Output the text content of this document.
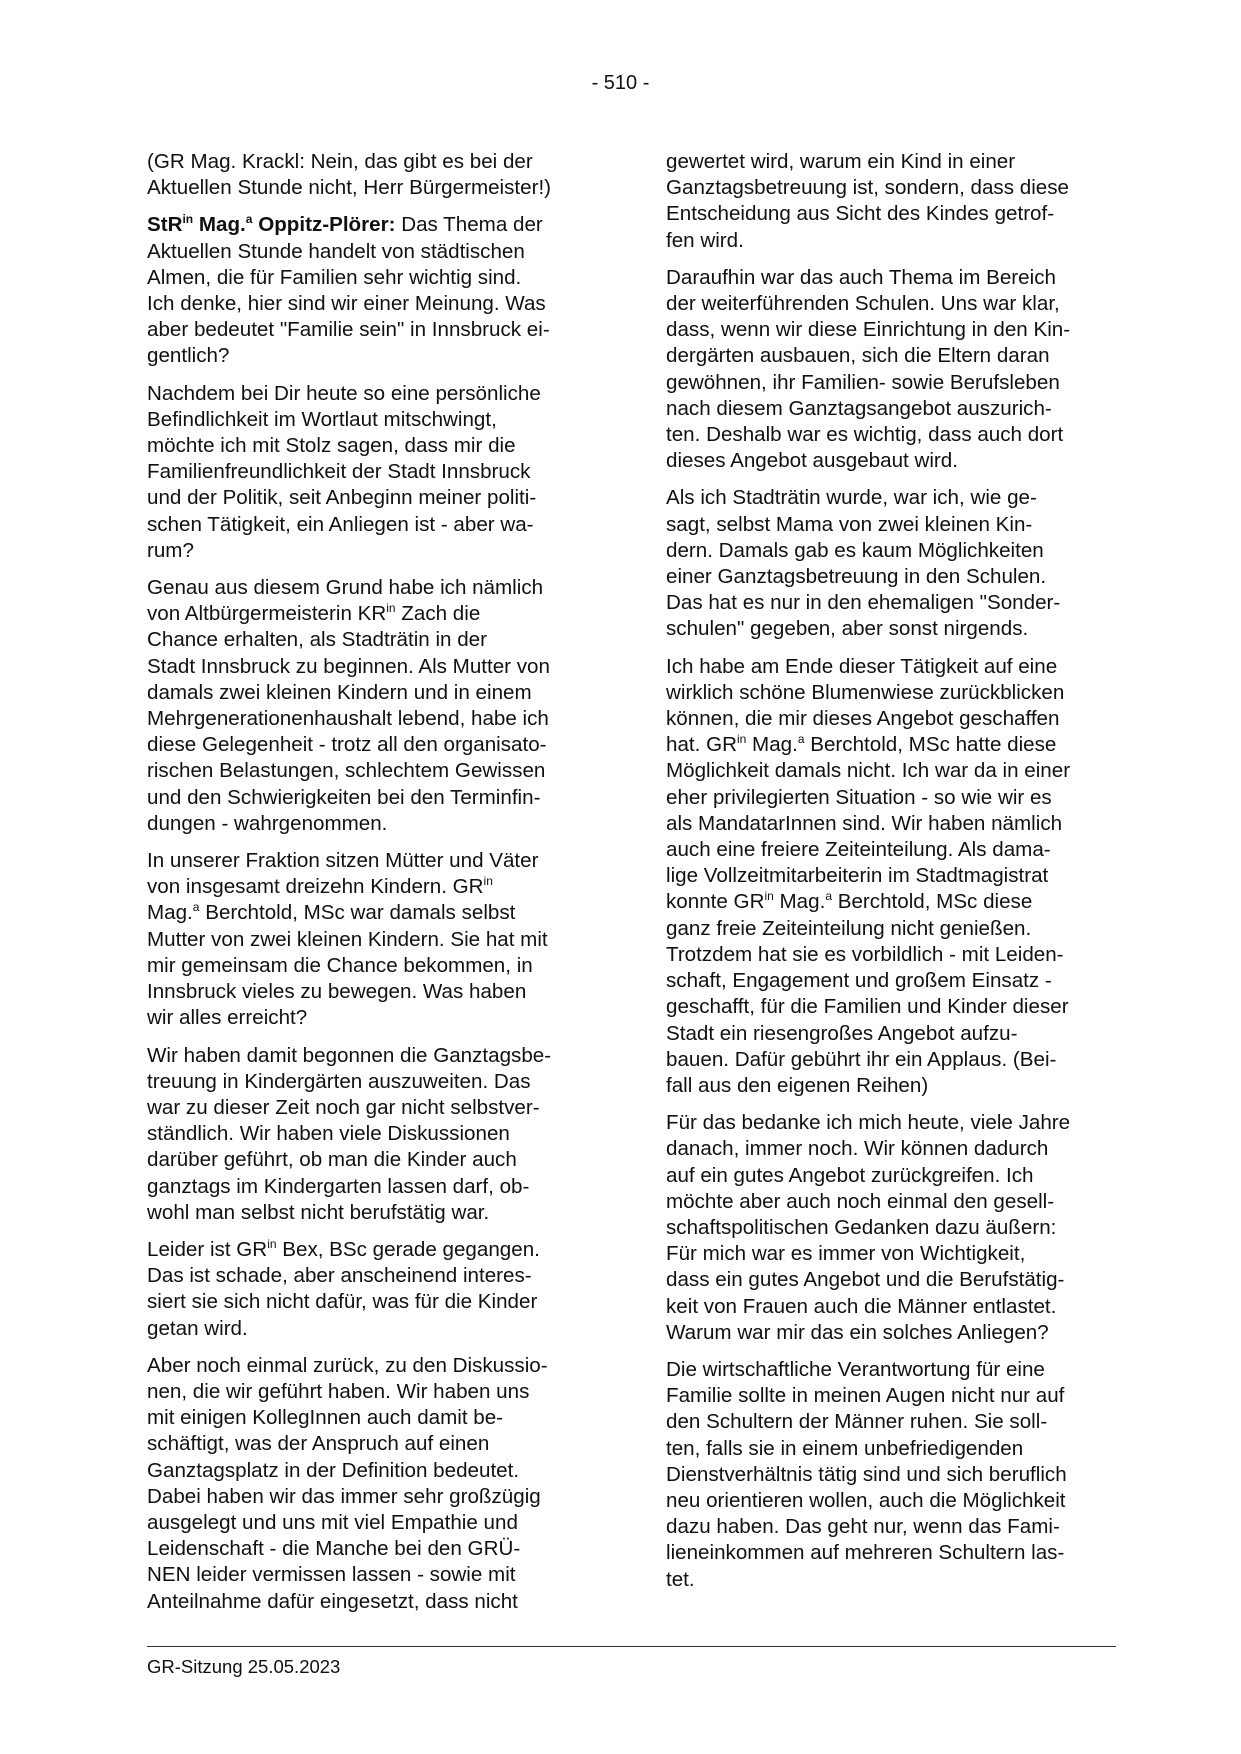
- 510 -

(GR Mag. Krackl: Nein, das gibt es bei der
Aktuellen Stunde nicht, Herr Bürgermeister!)

StR$^{in}$ Mag.$^a$ Oppitz-Plörer: Das Thema der
Aktuellen Stunde handelt von städtischen
Almen, die für Familien sehr wichtig sind.
Ich denke, hier sind wir einer Meinung. Was
aber bedeutet "Familie sein" in Innsbruck ei-
gentlich?

Nachdem bei Dir heute so eine persönliche
Befindlichkeit im Wortlaut mitschwingt,
möchte ich mit Stolz sagen, dass mir die
Familienfreundlichkeit der Stadt Innsbruck
und der Politik, seit Anbeginn meiner politi-
schen Tätigkeit, ein Anliegen ist - aber wa-
rum?

Genau aus diesem Grund habe ich nämlich
von Altbürgermeisterin $KR^{in}$ Zach die
Chance erhalten, als Stadträtin in der
Stadt Innsbruck zu beginnen. Als Mutter von
damals zwei kleinen Kindern und in einem
Mehrgenerationenhaushalt lebend, habe ich
diese Gelegenheit - trotz all den organisato-
rischen Belastungen, schlechtem Gewissen
und den Schwierigkeiten bei den Terminfin-
dungen - wahrgenommen.

In unserer Fraktion sitzen Mütter und Väter
von insgesamt dreizehn Kindern. $GR^{in}$
Mag.$^a$ Berchtold, MSc war damals selbst
Mutter von zwei kleinen Kindern. Sie hat mit
mir gemeinsam die Chance bekommen, in
Innsbruck vieles zu bewegen. Was haben
wir alles erreicht?

Wir haben damit begonnen die Ganztagsbe-
treuung in Kindergärten auszuweiten. Das
war zu dieser Zeit noch gar nicht selbstver-
ständlich. Wir haben viele Diskussionen
darüber geführt, ob man die Kinder auch
ganztags im Kindergarten lassen darf, ob-
wohl man selbst nicht berufstätig war.

Leider ist $GR^{in}$ Bex, BSc gerade gegangen.
Das ist schade, aber anscheinend interes-
siert sie sich nicht dafür, was für die Kinder
getan wird.

Aber noch einmal zurück, zu den Diskussio-
nen, die wir geführt haben. Wir haben uns
mit einigen KollegInnen auch damit be-
schäftigt, was der Anspruch auf einen
Ganztagsplatz in der Definition bedeutet.
Dabei haben wir das immer sehr großzügig
ausgelegt und uns mit viel Empathie und
Leidenschaft - die Manche bei den GRÜ-
NEN leider vermissen lassen - sowie mit
Anteilnahme dafür eingesetzt, dass nicht

gewertet wird, warum ein Kind in einer
Ganztagsbetreuung ist, sondern, dass diese
Entscheidung aus Sicht des Kindes getrof-
fen wird.

Daraufhin war das auch Thema im Bereich
der weiterführenden Schulen. Uns war klar,
dass, wenn wir diese Einrichtung in den Kin-
dergärten ausbauen, sich die Eltern daran
gewöhnen, ihr Familien- sowie Berufsleben
nach diesem Ganztagsangebot auszurich-
ten. Deshalb war es wichtig, dass auch dort
dieses Angebot ausgebaut wird.

Als ich Stadträtin wurde, war ich, wie ge-
sagt, selbst Mama von zwei kleinen Kin-
dern. Damals gab es kaum Möglichkeiten
einer Ganztagsbetreuung in den Schulen.
Das hat es nur in den ehemaligen "Sonder-
schulen" gegeben, aber sonst nirgends.

Ich habe am Ende dieser Tätigkeit auf eine
wirklich schöne Blumenwiese zurückblicken
können, die mir dieses Angebot geschaffen
hat. $GR^{in}$ Mag.$^a$ Berchtold, MSc hatte diese
Möglichkeit damals nicht. Ich war da in einer
eher privilegierten Situation - so wie wir es
als MandatarInnen sind. Wir haben nämlich
auch eine freiere Zeiteinteilung. Als dama-
lige Vollzeitmitarbeiterin im Stadtmagistrat
konnte $GR^{in}$ Mag.$^a$ Berchtold, MSc diese
ganz freie Zeiteinteilung nicht genießen.
Trotzdem hat sie es vorbildlich - mit Leiden-
schaft, Engagement und großem Einsatz -
geschafft, für die Familien und Kinder dieser
Stadt ein riesengroßes Angebot aufzu-
bauen. Dafür gebührt ihr ein Applaus. (Bei-
fall aus den eigenen Reihen)

Für das bedanke ich mich heute, viele Jahre
danach, immer noch. Wir können dadurch
auf ein gutes Angebot zurückgreifen. Ich
möchte aber auch noch einmal den gesell-
schaftspolitischen Gedanken dazu äußern:
Für mich war es immer von Wichtigkeit,
dass ein gutes Angebot und die Berufstätig-
keit von Frauen auch die Männer entlastet.
Warum war mir das ein solches Anliegen?

Die wirtschaftliche Verantwortung für eine
Familie sollte in meinen Augen nicht nur auf
den Schultern der Männer ruhen. Sie soll-
ten, falls sie in einem unbefriedigenden
Dienstverhältnis tätig sind und sich beruflich
neu orientieren wollen, auch die Möglichkeit
dazu haben. Das geht nur, wenn das Fami-
lieneinkommen auf mehreren Schultern las-
tet.

GR-Sitzung 25.05.2023
